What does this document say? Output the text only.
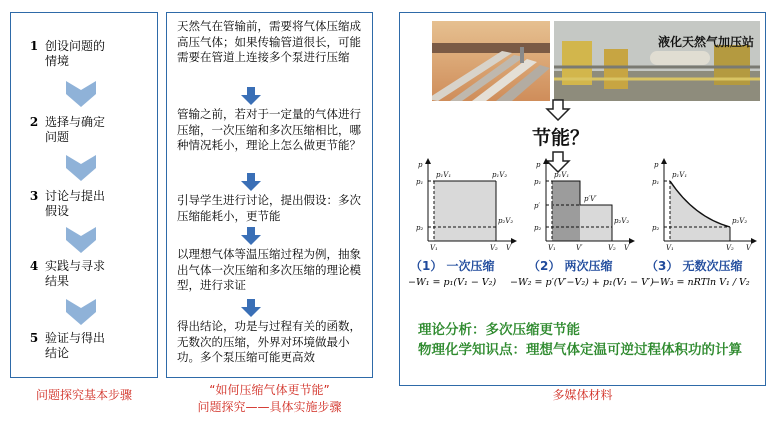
1 创设问题的情境
2 选择与确定问题
3 讨论与提出假设
4 实践与寻求结果
5 验证与得出结论
问题探究基本步骤
天然气在管输前，需要将气体压缩成高压气体；如果传输管道很长，可能需要在管道上连接多个泵进行压缩
管输之前，若对于一定量的气体进行压缩，一次压缩和多次压缩相比，哪种情况耗小，理论上怎么做更节能？
引导学生进行讨论，提出假设：多次压缩能耗小，更节能
以理想气体等温压缩过程为例，抽象出气体一次压缩和多次压缩的理论模型，进行求证
得出结论，功是与过程有关的函数，无数次的压缩，外界对环境做最小功。多个泵压缩可能更高效
“如何压缩气体更节能”
问题探究——具体实施步骤
液化天然气加压站
节能？
p
V
p₁
p₂
V₁	V₂
p₁V₁	p₁V₂
p₂V₂
p
V
p₁
p′
p₂
V₁	V′	V₂
p₁V₁
p′V′
p₂V₂
p
V
p₁
p₂
V₁	V₂
p₁V₁
p₂V₂
（1） 一次压缩	（2） 两次压缩	（3） 无数次压缩
−W₁ = p₁(V₁ − V₂) −W₂ = p′(V′−V₂) + p₁(V₁ − V′)
−W₃ = nRTln V₁ / V₂
理论分析：多次压缩更节能
物理化学知识点：理想气体定温可逆过程体积功的计算
多媒体材料
